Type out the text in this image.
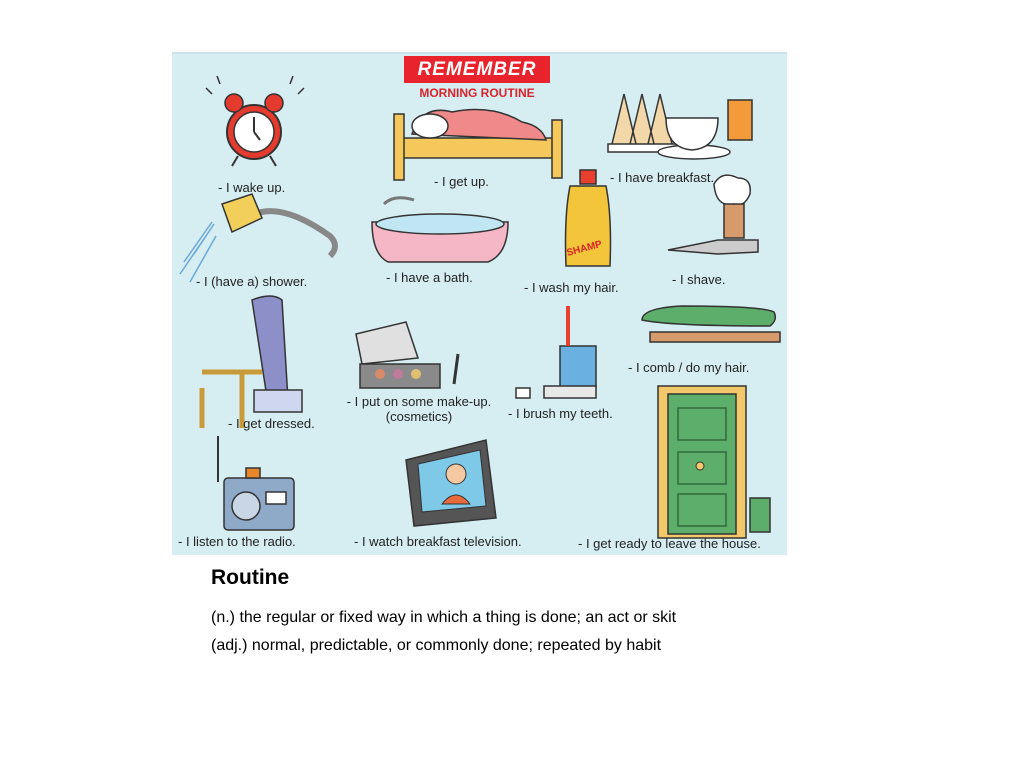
SHAMP
REMEMBER
MORNING ROUTINE
- I wake up.	- I get up.	- I have breakfast.
- I (have a) shower.	- I have a bath.
- I wash my hair.
- I shave.
- I comb / do my hair.
- I get dressed.
- I put on some make-up.
(cosmetics)	- I brush my teeth.
- I listen to the radio.	- I watch breakfast television.	- I get ready to leave the house.
Routine
(n.) the regular or fixed way in which a thing is done; an act or skit
(adj.) normal, predictable, or commonly done; repeated by habit
